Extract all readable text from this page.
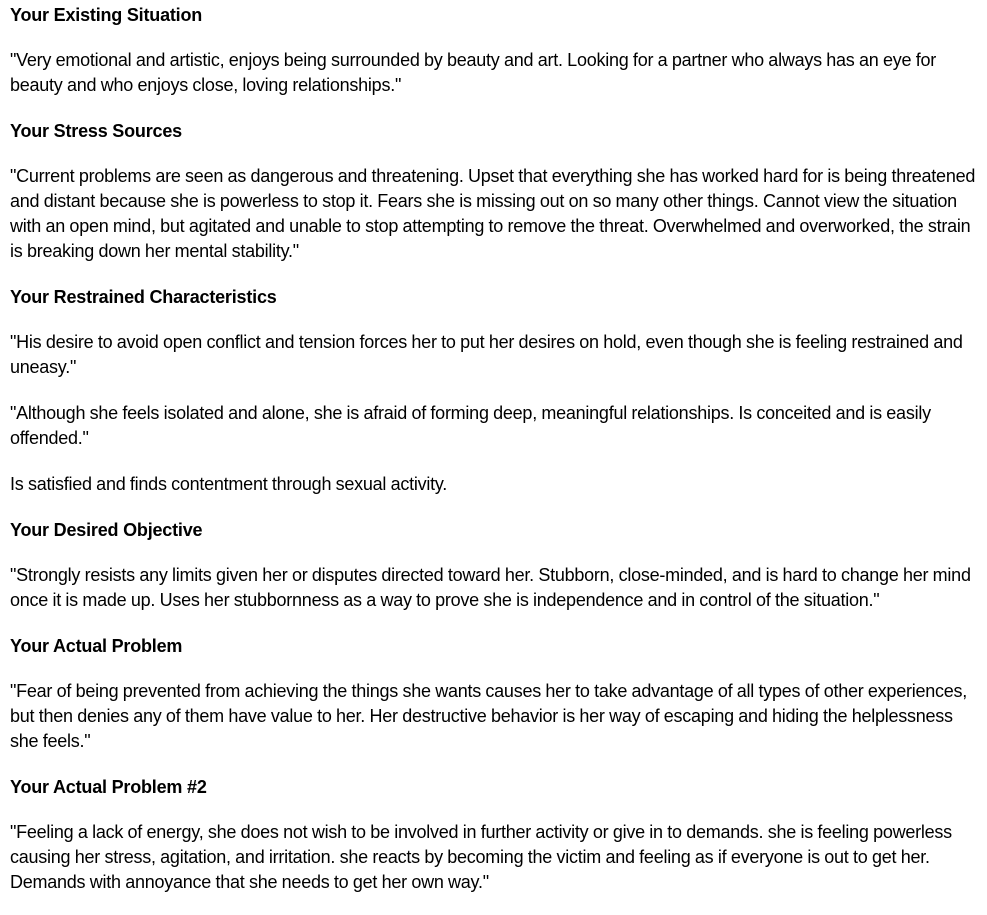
Your Existing Situation
"Very emotional and artistic, enjoys being surrounded by beauty and art. Looking for a partner who always has an eye for beauty and who enjoys close, loving relationships."
Your Stress Sources
"Current problems are seen as dangerous and threatening. Upset that everything she has worked hard for is being threatened and distant because she is powerless to stop it. Fears she is missing out on so many other things. Cannot view the situation with an open mind, but agitated and unable to stop attempting to remove the threat. Overwhelmed and overworked, the strain is breaking down her mental stability."
Your Restrained Characteristics
"His desire to avoid open conflict and tension forces her to put her desires on hold, even though she is feeling restrained and uneasy."
"Although she feels isolated and alone, she is afraid of forming deep, meaningful relationships. Is conceited and is easily offended."
Is satisfied and finds contentment through sexual activity.
Your Desired Objective
"Strongly resists any limits given her or disputes directed toward her. Stubborn, close-minded, and is hard to change her mind once it is made up. Uses her stubbornness as a way to prove she is independence and in control of the situation."
Your Actual Problem
"Fear of being prevented from achieving the things she wants causes her to take advantage of all types of other experiences, but then denies any of them have value to her. Her destructive behavior is her way of escaping and hiding the helplessness she feels."
Your Actual Problem #2
"Feeling a lack of energy, she does not wish to be involved in further activity or give in to demands. she is feeling powerless causing her stress, agitation, and irritation. she reacts by becoming the victim and feeling as if everyone is out to get her. Demands with annoyance that she needs to get her own way."
